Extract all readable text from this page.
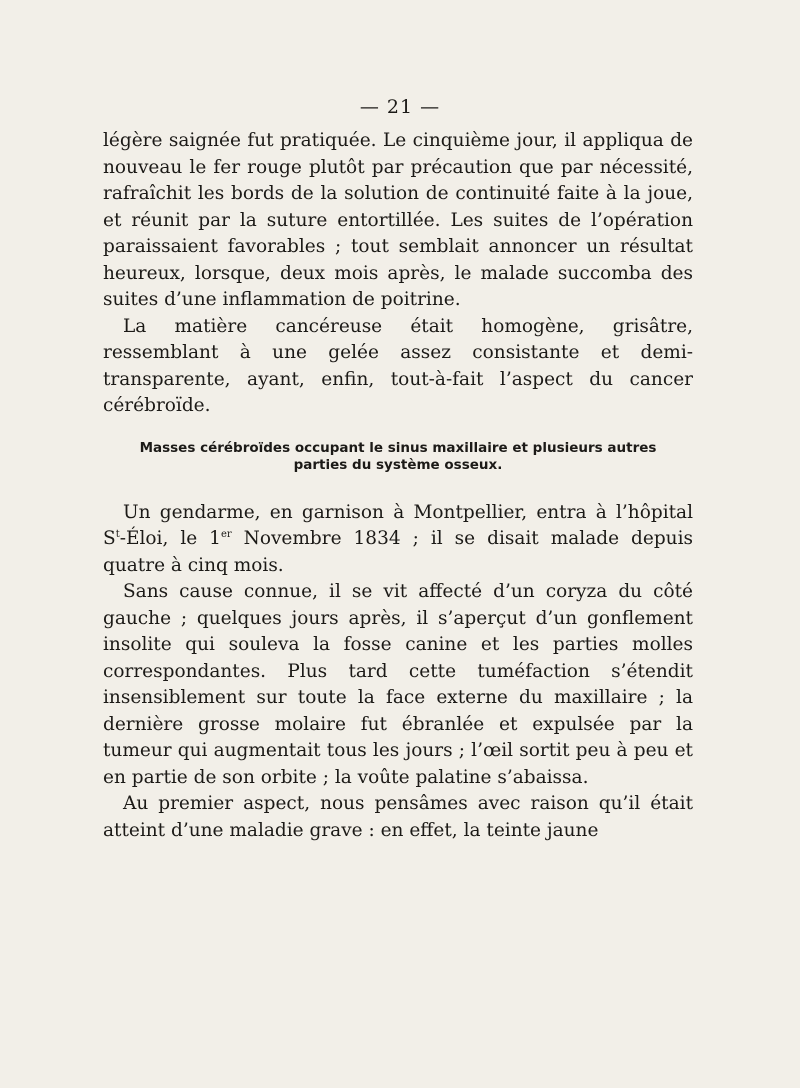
— 21 —

légère saignée fut pratiquée. Le cinquième jour, il appliqua de nouveau le fer rouge plutôt par précaution que par nécessité, rafraîchit les bords de la solution de continuité faite à la joue, et réunit par la suture entortillée. Les suites de l’opération paraissaient favorables ; tout semblait annoncer un résultat heureux, lorsque, deux mois après, le malade succomba des suites d’une inflammation de poitrine.

La matière cancéreuse était homogène, grisâtre, ressemblant à une gelée assez consistante et demi-transparente, ayant, enfin, tout-à-fait l’aspect du cancer cérébroïde.

Masses cérébroïdes occupant le sinus maxillaire et plusieurs autres
parties du système osseux.

Un gendarme, en garnison à Montpellier, entra à l’hôpital $S^t$-Éloi, le 1er Novembre 1834 ; il se disait malade depuis quatre à cinq mois.

Sans cause connue, il se vit affecté d’un coryza du côté gauche ; quelques jours après, il s’aperçut d’un gonflement insolite qui souleva la fosse canine et les parties molles correspondantes. Plus tard cette tuméfaction s’étendit insensiblement sur toute la face externe du maxillaire ; la dernière grosse molaire fut ébranlée et expulsée par la tumeur qui augmentait tous les jours ; l’œil sortit peu à peu et en partie de son orbite ; la voûte palatine s’abaissa.

Au premier aspect, nous pensâmes avec raison qu’il était atteint d’une maladie grave : en effet, la teinte jaune
